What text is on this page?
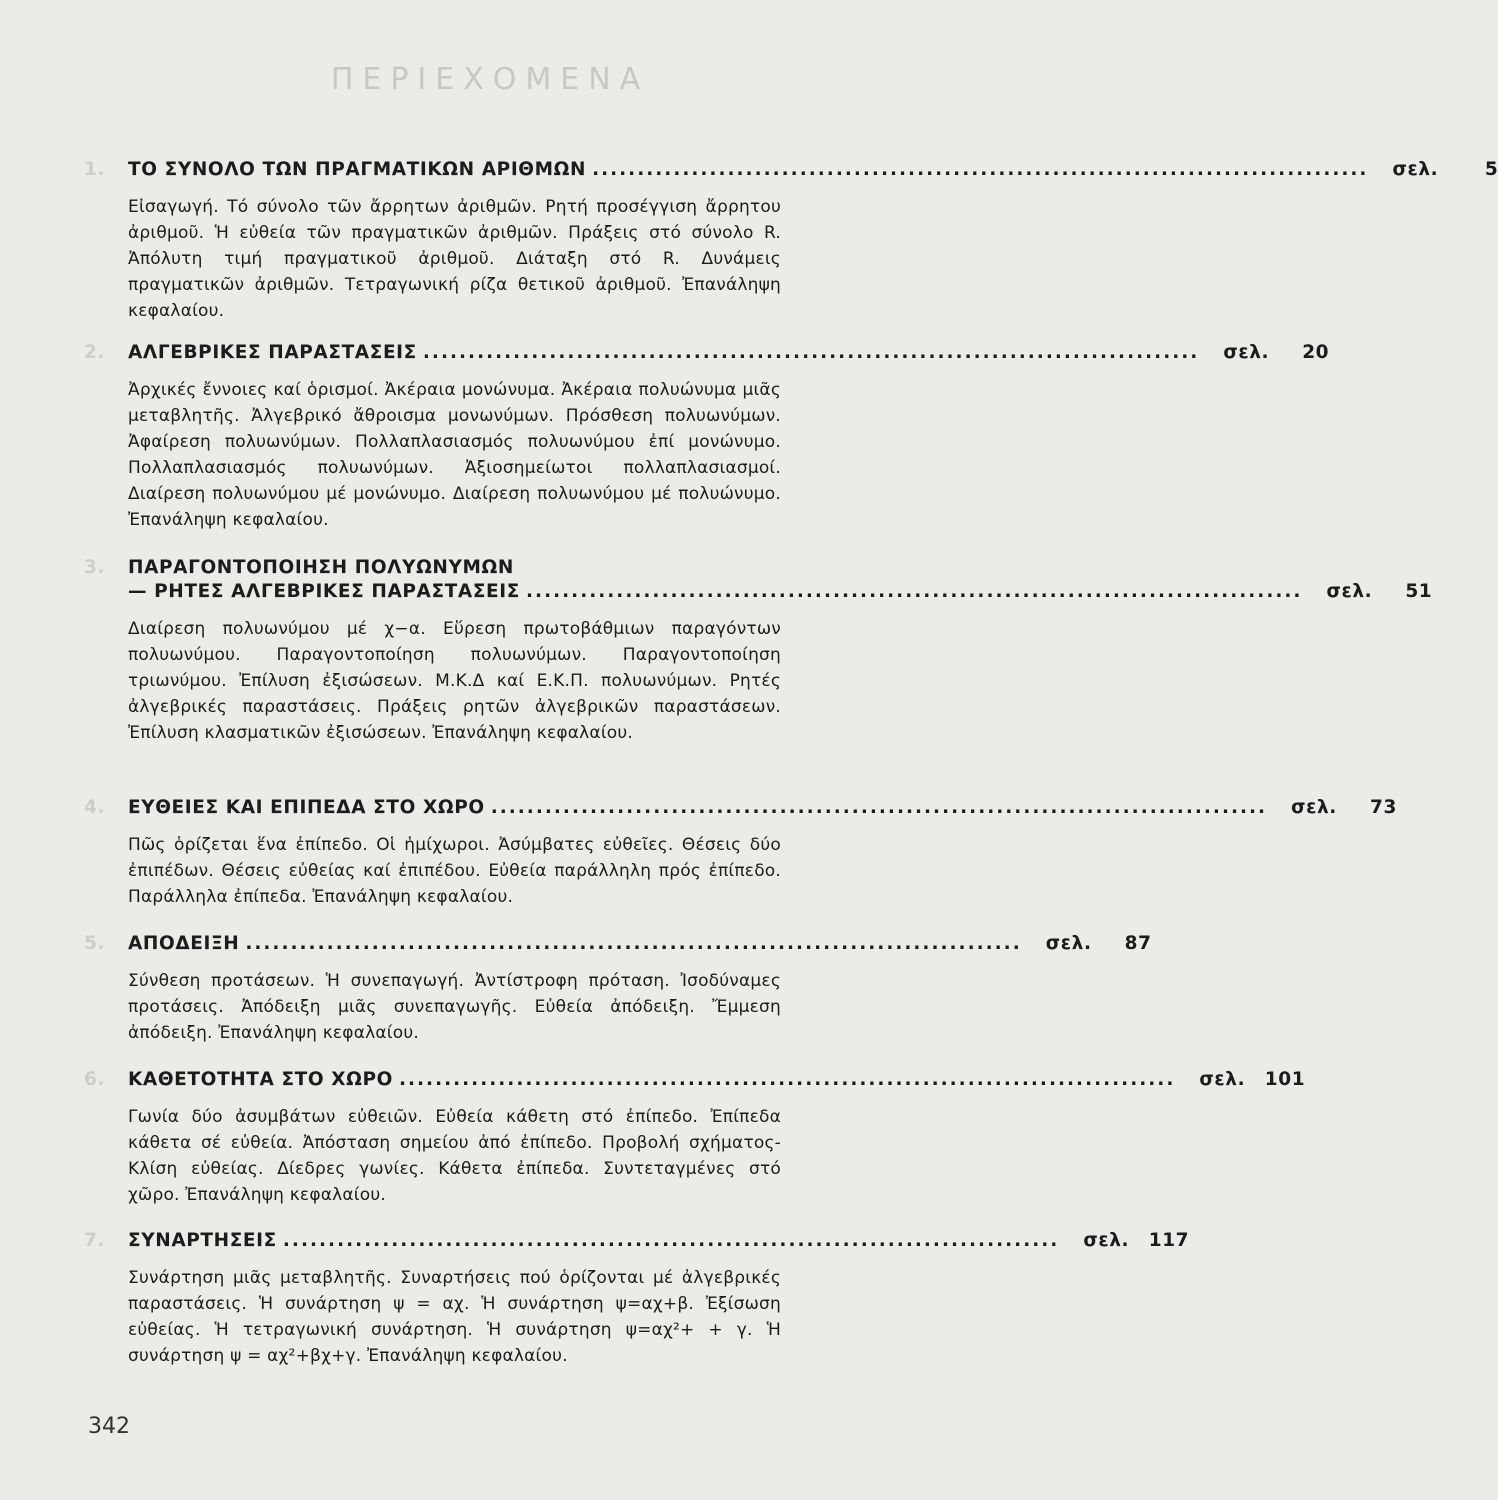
ΠΕΡΙΕΧΟΜΕΝΑ
1.	ΤΟ ΣΥΝΟΛΟ ΤΩΝ ΠΡΑΓΜΑΤΙΚΩΝ ΑΡΙΘΜΩΝ ...................................................................................... σελ.	5
Εἰσαγωγή. Τό σύνολο τῶν ἄρρητων ἀριθμῶν. Ρητή προσέγγιση ἄρρητου ἀριθμοῦ. Ἡ εὐθεία τῶν πραγματικῶν ἀριθμῶν. Πράξεις στό σύνολο R. Ἀπόλυτη τιμή πραγματικοῦ ἀριθμοῦ. Διάταξη στό R. Δυνάμεις πραγματικῶν ἀριθμῶν. Τετραγωνική ρίζα θετικοῦ ἀριθμοῦ. Ἐπανάληψη κεφαλαίου.
2.	ΑΛΓΕΒΡΙΚΕΣ ΠΑΡΑΣΤΑΣΕΙΣ ...................................................................................... σελ.	20
Ἀρχικές ἔννοιες καί ὁρισμοί. Ἀκέραια μονώνυμα. Ἀκέραια πολυώνυμα μιᾶς μεταβλητῆς. Ἀλγεβρικό ἄθροισμα μονωνύμων. Πρόσθεση πολυωνύμων. Ἀφαίρεση πολυωνύμων. Πολλαπλασιασμός πολυωνύμου ἐπί μονώνυμο. Πολλαπλασιασμός πολυωνύμων. Ἀξιοσημείωτοι πολλαπλασιασμοί. Διαίρεση πολυωνύμου μέ μονώνυμο. Διαίρεση πολυωνύμου μέ πολυώνυμο. Ἐπανάληψη κεφαλαίου.
3.	ΠΑΡΑΓΟΝΤΟΠΟΙΗΣΗ ΠΟΛΥΩΝΥΜΩΝ
— ΡΗΤΕΣ ΑΛΓΕΒΡΙΚΕΣ ΠΑΡΑΣΤΑΣΕΙΣ ...................................................................................... σελ.	51
Διαίρεση πολυωνύμου μέ χ−α. Εὕρεση πρωτοβάθμιων παραγόντων πολυωνύμου. Παραγοντοποίηση πολυωνύμων. Παραγοντοποίηση τριωνύμου. Ἐπίλυση ἐξισώσεων. Μ.Κ.Δ καί Ε.Κ.Π. πολυωνύμων. Ρητές ἀλγεβρικές παραστάσεις. Πράξεις ρητῶν ἀλγεβρικῶν παραστάσεων. Ἐπίλυση κλασματικῶν ἐξισώσεων. Ἐπανάληψη κεφαλαίου.
4.	ΕΥΘΕΙΕΣ ΚΑΙ ΕΠΙΠΕΔΑ ΣΤΟ ΧΩΡΟ ...................................................................................... σελ.	73
Πῶς ὁρίζεται ἕνα ἐπίπεδο. Οἱ ἡμίχωροι. Ἀσύμβατες εὐθεῖες. Θέσεις δύο ἐπιπέδων. Θέσεις εὐθείας καί ἐπιπέδου. Εὐθεία παράλληλη πρός ἐπίπεδο. Παράλληλα ἐπίπεδα. Ἐπανάληψη κεφαλαίου.
5.	ΑΠΟΔΕΙΞΗ ...................................................................................... σελ.	87
Σύνθεση προτάσεων. Ἡ συνεπαγωγή. Ἀντίστροφη πρόταση. Ἰσοδύναμες προτάσεις. Ἀπόδειξη μιᾶς συνεπαγωγῆς. Εὐθεία ἀπόδειξη. Ἔμμεση ἀπόδειξη. Ἐπανάληψη κεφαλαίου.
6.	ΚΑΘΕΤΟΤΗΤΑ ΣΤΟ ΧΩΡΟ ...................................................................................... σελ.	101
Γωνία δύο ἀσυμβάτων εὐθειῶν. Εὐθεία κάθετη στό ἐπίπεδο. Ἐπίπεδα κάθετα σέ εὐθεία. Ἀπόσταση σημείου ἀπό ἐπίπεδο. Προβολή σχήματος-Κλίση εὐθείας. Δίεδρες γωνίες. Κάθετα ἐπίπεδα. Συντεταγμένες στό χῶρο. Ἐπανάληψη κεφαλαίου.
7.	ΣΥΝΑΡΤΗΣΕΙΣ ...................................................................................... σελ.	117
Συνάρτηση μιᾶς μεταβλητῆς. Συναρτήσεις πού ὁρίζονται μέ ἀλγεβρικές παραστάσεις. Ἡ συνάρτηση ψ = αχ. Ἡ συνάρτηση ψ=αχ+β. Ἐξίσωση εὐθείας. Ἡ τετραγωνική συνάρτηση. Ἡ συνάρτηση ψ=αχ²+ + γ. Ἡ συνάρτηση ψ = αχ²+βχ+γ. Ἐπανάληψη κεφαλαίου.
342
